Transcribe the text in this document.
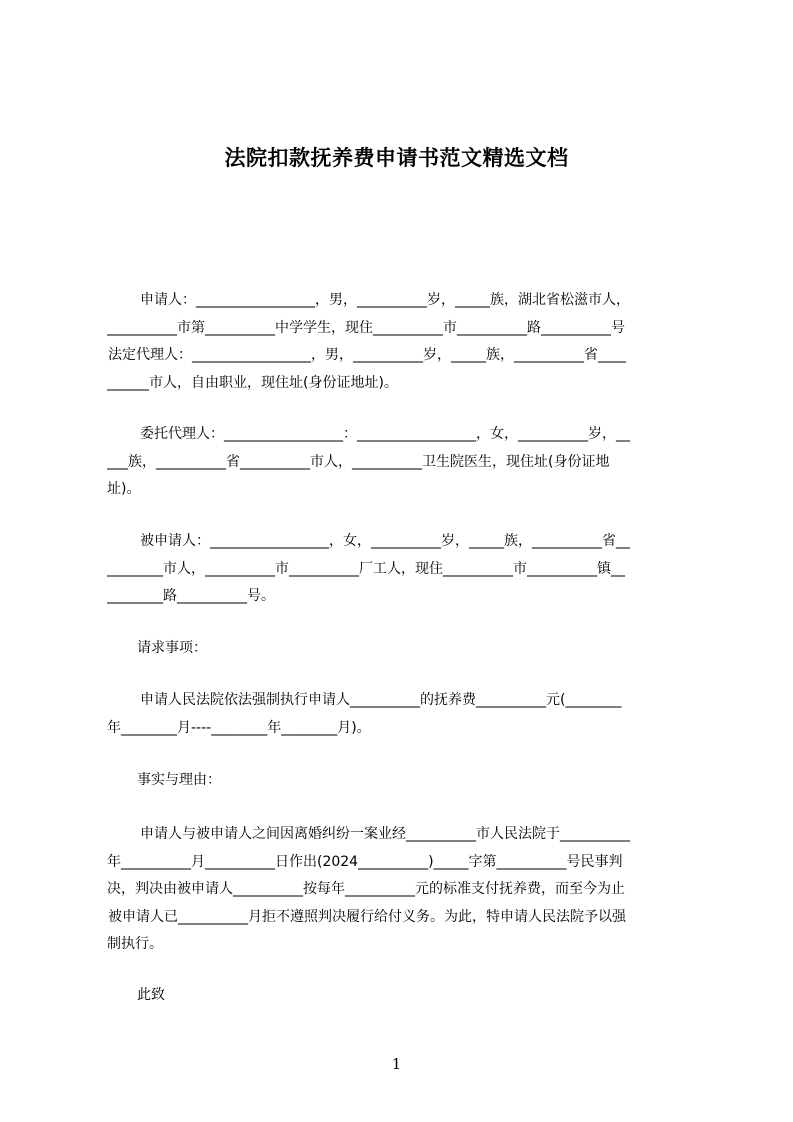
法院扣款抚养费申请书范文精选文档
申请人：_________________，男，__________岁，_____族，湖北省松滋市人，
__________市第__________中学学生，现住__________市__________路__________号
法定代理人：_________________，男，__________岁，_____族，__________省____
______市人，自由职业，现住址(身份证地址)。
委托代理人：_________________：_________________，女，__________岁，__
___族，__________省__________市人，__________卫生院医生，现住址(身份证地
址)。
被申请人：_________________，女，__________岁，_____族，__________省__
________市人，__________市__________厂工人，现住__________市__________镇__
________路__________号。
请求事项：
申请人民法院依法强制执行申请人__________的抚养费__________元(________
年________月----________年________月)。
事实与理由：
申请人与被申请人之间因离婚纠纷一案业经__________市人民法院于__________
年__________月__________日作出(2024__________)_____字第__________号民事判
决，判决由被申请人__________按每年__________元的标准支付抚养费，而至今为止
被申请人已__________月拒不遵照判决履行给付义务。为此，特申请人民法院予以强
制执行。
此致
1
